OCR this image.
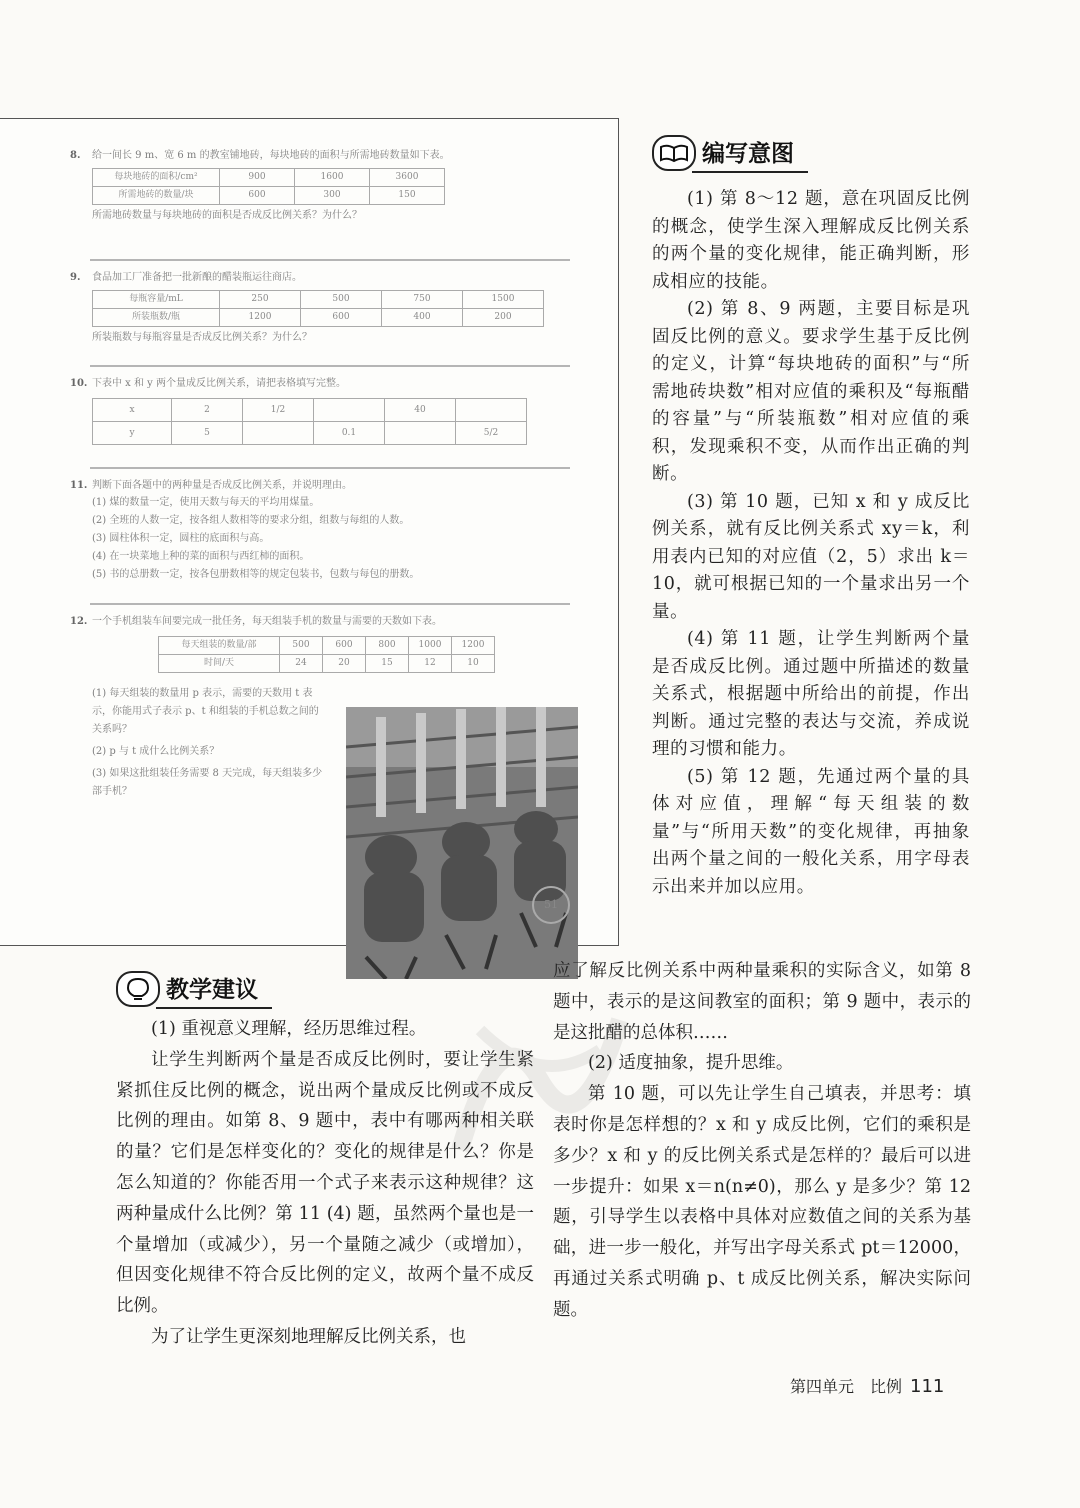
8. 给一间长 9 m、宽 6 m 的教室铺地砖，每块地砖的面积与所需地砖数量如下表。
每块地砖的面积/cm²	900	1600	3600
所需地砖的数量/块	600	300	150
所需地砖数量与每块地砖的面积是否成反比例关系？为什么？
9. 食品加工厂准备把一批新酿的醋装瓶运往商店。
每瓶容量/mL	250	500	750	1500
所装瓶数/瓶	1200	600	400	200
所装瓶数与每瓶容量是否成反比例关系？为什么？
10. 下表中 x 和 y 两个量成反比例关系，请把表格填写完整。
x	2	1/2		40	
y	5		0.1		5/2
11. 判断下面各题中的两种量是否成反比例关系，并说明理由。
(1) 煤的数量一定，使用天数与每天的平均用煤量。
(2) 全班的人数一定，按各组人数相等的要求分组，组数与每组的人数。
(3) 圆柱体积一定，圆柱的底面积与高。
(4) 在一块菜地上种的菜的面积与西红柿的面积。
(5) 书的总册数一定，按各包册数相等的规定包装书，包数与每包的册数。
12. 一个手机组装车间要完成一批任务，每天组装手机的数量与需要的天数如下表。
每天组装的数量/部	500	600	800	1000	1200
时间/天	24	20	15	12	10
(1) 每天组装的数量用 p 表示，需要的天数用 t 表示，你能用式子表示 p、t 和组装的手机总数之间的关系吗？
(2) p 与 t 成什么比例关系？
(3) 如果这批组装任务需要 8 天完成，每天组装多少部手机？
51
编写意图

(1) 第 8～12 题，意在巩固反比例的概念，使学生深入理解成反比例关系的两个量的变化规律，能正确判断，形成相应的技能。

(2) 第 8、9 两题，主要目标是巩固反比例的意义。要求学生基于反比例的定义，计算“每块地砖的面积”与“所需地砖块数”相对应值的乘积及“每瓶醋的容量”与“所装瓶数”相对应值的乘积，发现乘积不变，从而作出正确的判断。

(3) 第 10 题，已知 x 和 y 成反比例关系，就有反比例关系式 xy＝k，利用表内已知的对应值（2，5）求出 k＝10，就可根据已知的一个量求出另一个量。

(4) 第 11 题，让学生判断两个量是否成反比例。通过题中所描述的数量关系式，根据题中所给出的前提，作出判断。通过完整的表达与交流，养成说理的习惯和能力。

(5) 第 12 题，先通过两个量的具体对应值，理解“每天组装的数量”与“所用天数”的变化规律，再抽象出两个量之间的一般化关系，用字母表示出来并加以应用。

教学建议

(1) 重视意义理解，经历思维过程。

让学生判断两个量是否成反比例时，要让学生紧紧抓住反比例的概念，说出两个量成反比例或不成反比例的理由。如第 8、9 题中，表中有哪两种相关联的量？它们是怎样变化的？变化的规律是什么？你是怎么知道的？你能否用一个式子来表示这种规律？这两种量成什么比例？第 11 (4) 题，虽然两个量也是一个量增加（或减少），另一个量随之减少（或增加），但因变化规律不符合反比例的定义，故两个量不成反比例。

为了让学生更深刻地理解反比例关系，也

应了解反比例关系中两种量乘积的实际含义，如第 8 题中，表示的是这间教室的面积；第 9 题中，表示的是这批醋的总体积……

(2) 适度抽象，提升思维。

第 10 题，可以先让学生自己填表，并思考：填表时你是怎样想的？x 和 y 成反比例，它们的乘积是多少？x 和 y 的反比例关系式是怎样的？最后可以进一步提升：如果 x＝n(n≠0)，那么 y 是多少？第 12 题，引导学生以表格中具体对应数值之间的关系为基础，进一步一般化，并写出字母关系式 pt＝12000，再通过关系式明确 p、t 成反比例关系，解决实际问题。

第四单元　比例 111
